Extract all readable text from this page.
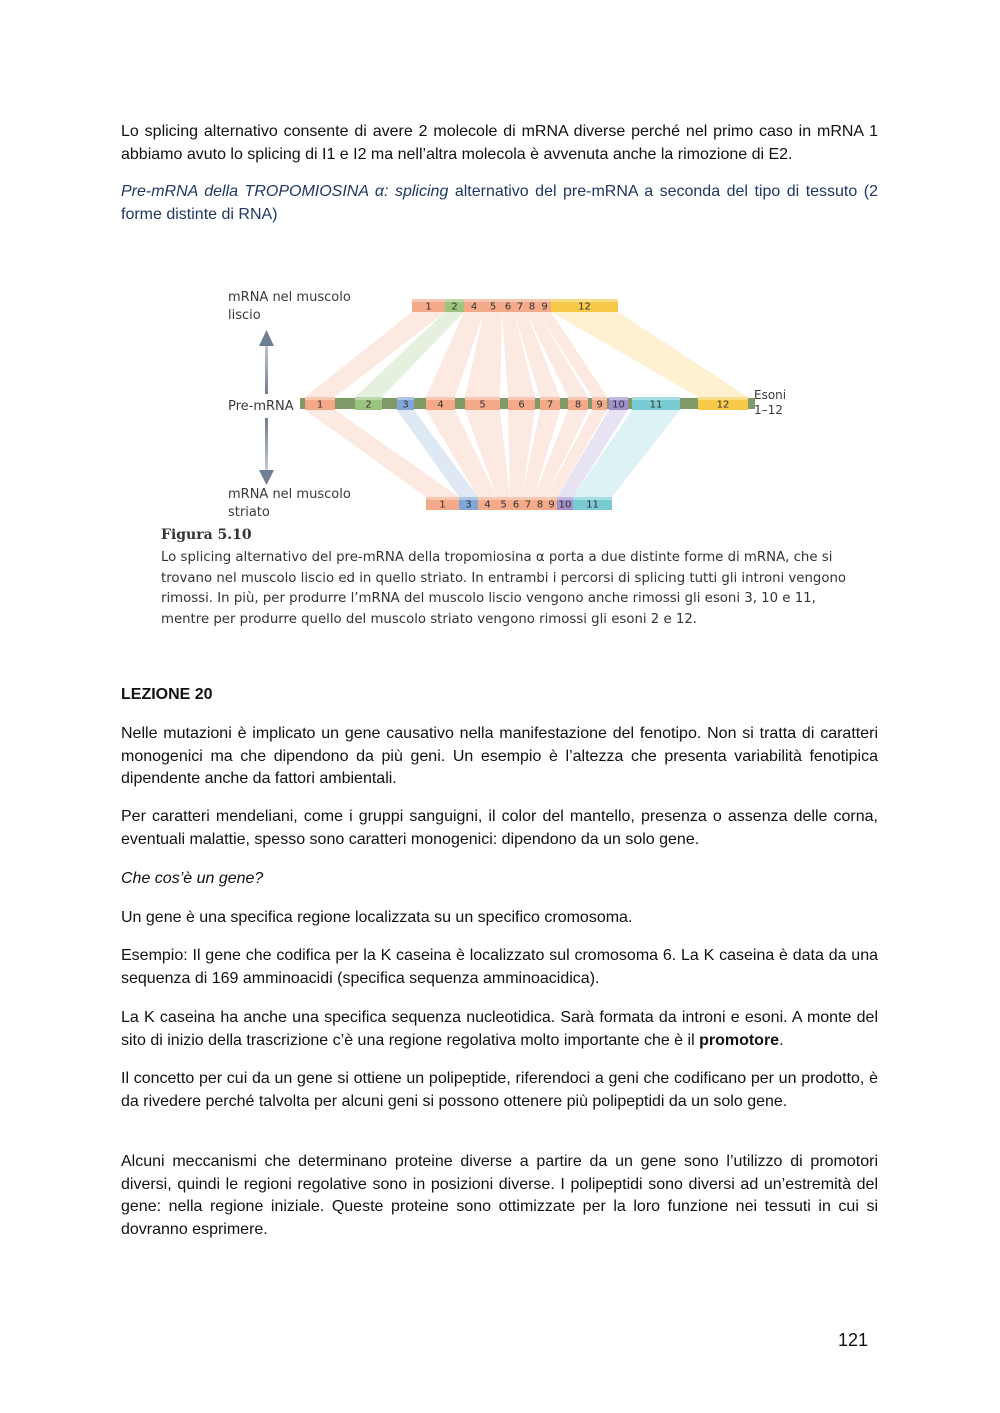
Lo splicing alternativo consente di avere 2 molecole di mRNA diverse perché nel primo caso in mRNA 1 abbiamo avuto lo splicing di I1 e I2 ma nell’altra molecola è avvenuta anche la rimozione di E2.

Pre-mRNA della TROPOMIOSINA α: splicing alternativo del pre-mRNA a seconda del tipo di tessuto (2 forme distinte di RNA)

1	2	3	4	5	6 7 8 9 10 11	12
1 2 4 5 6 7 8 9	12
1 3 4 5 6 7 8 9 10 11
mRNA nel muscolo
liscio
Pre-mRNA
mRNA nel muscolo
striato
Esoni
1–12
Figura 5.10
Lo splicing alternativo del pre-mRNA della tropomiosina α porta a due distinte forme di mRNA, che si trovano nel muscolo liscio ed in quello striato. In entrambi i percorsi di splicing tutti gli introni vengono rimossi. In più, per produrre l’mRNA del muscolo liscio vengono anche rimossi gli esoni 3, 10 e 11, mentre per produrre quello del muscolo striato vengono rimossi gli esoni 2 e 12.

LEZIONE 20

Nelle mutazioni è implicato un gene causativo nella manifestazione del fenotipo. Non si tratta di caratteri monogenici ma che dipendono da più geni. Un esempio è l’altezza che presenta variabilità fenotipica dipendente anche da fattori ambientali.

Per caratteri mendeliani, come i gruppi sanguigni, il color del mantello, presenza o assenza delle corna, eventuali malattie, spesso sono caratteri monogenici: dipendono da un solo gene.

Che cos’è un gene?

Un gene è una specifica regione localizzata su un specifico cromosoma.

Esempio: Il gene che codifica per la K caseina è localizzato sul cromosoma 6. La K caseina è data da una sequenza di 169 amminoacidi (specifica sequenza amminoacidica).

La K caseina ha anche una specifica sequenza nucleotidica. Sarà formata da introni e esoni. A monte del sito di inizio della trascrizione c’è una regione regolativa molto importante che è il promotore.

Il concetto per cui da un gene si ottiene un polipeptide, riferendoci a geni che codificano per un prodotto, è da rivedere perché talvolta per alcuni geni si possono ottenere più polipeptidi da un solo gene.

Alcuni meccanismi che determinano proteine diverse a partire da un gene sono l’utilizzo di promotori diversi, quindi le regioni regolative sono in posizioni diverse. I polipeptidi sono diversi ad un’estremità del gene: nella regione iniziale. Queste proteine sono ottimizzate per la loro funzione nei tessuti in cui si dovranno esprimere.

121
